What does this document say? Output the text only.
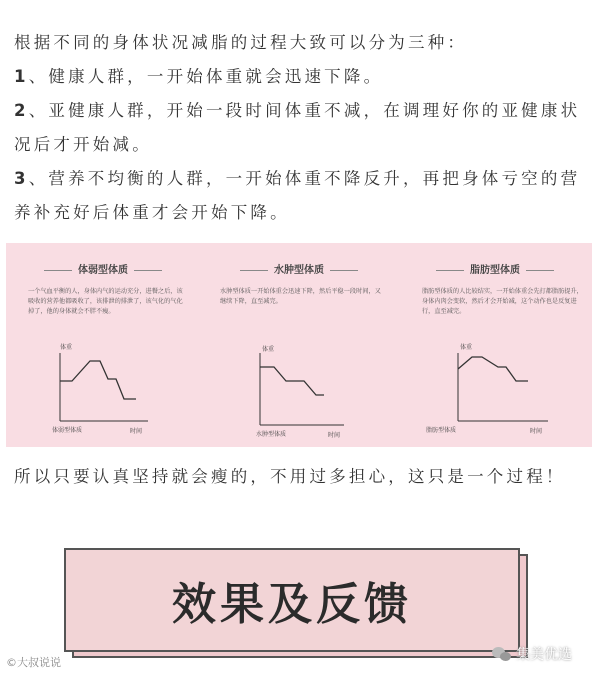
根据不同的身体状况减脂的过程大致可以分为三种：

1、健康人群，一开始体重就会迅速下降。

2、亚健康人群，开始一段时间体重不减，在调理好你的亚健康状况后才开始减。

3、营养不均衡的人群，一开始体重不降反升，再把身体亏空的营养补充好后体重才会开始下降。

体弱型体质
一个气血平衡的人，身体内气的运动充分，进餐之后，该吸收的营养他都吸收了，该排泄的排泄了，该气化的气化掉了，他的身体就会不胖不瘦。
体重
时间
体弱型体质
水肿型体质
水肿型体质一开始体重会迅速下降，然后平稳一段时间，又继续下降，直至减完。
体重
时间
水肿型体质
脂肪型体质
脂肪型体质的人比较结实，一开始体重会先打都脂肪提升，身体内肉会变软，然后才会开始减，这个动作也是反复进行，直至减完。
体重
时间
脂肪型体质

所以只要认真坚持就会瘦的，不用过多担心，这只是一个过程！

效果及反馈
©大叔说说	集美优选
